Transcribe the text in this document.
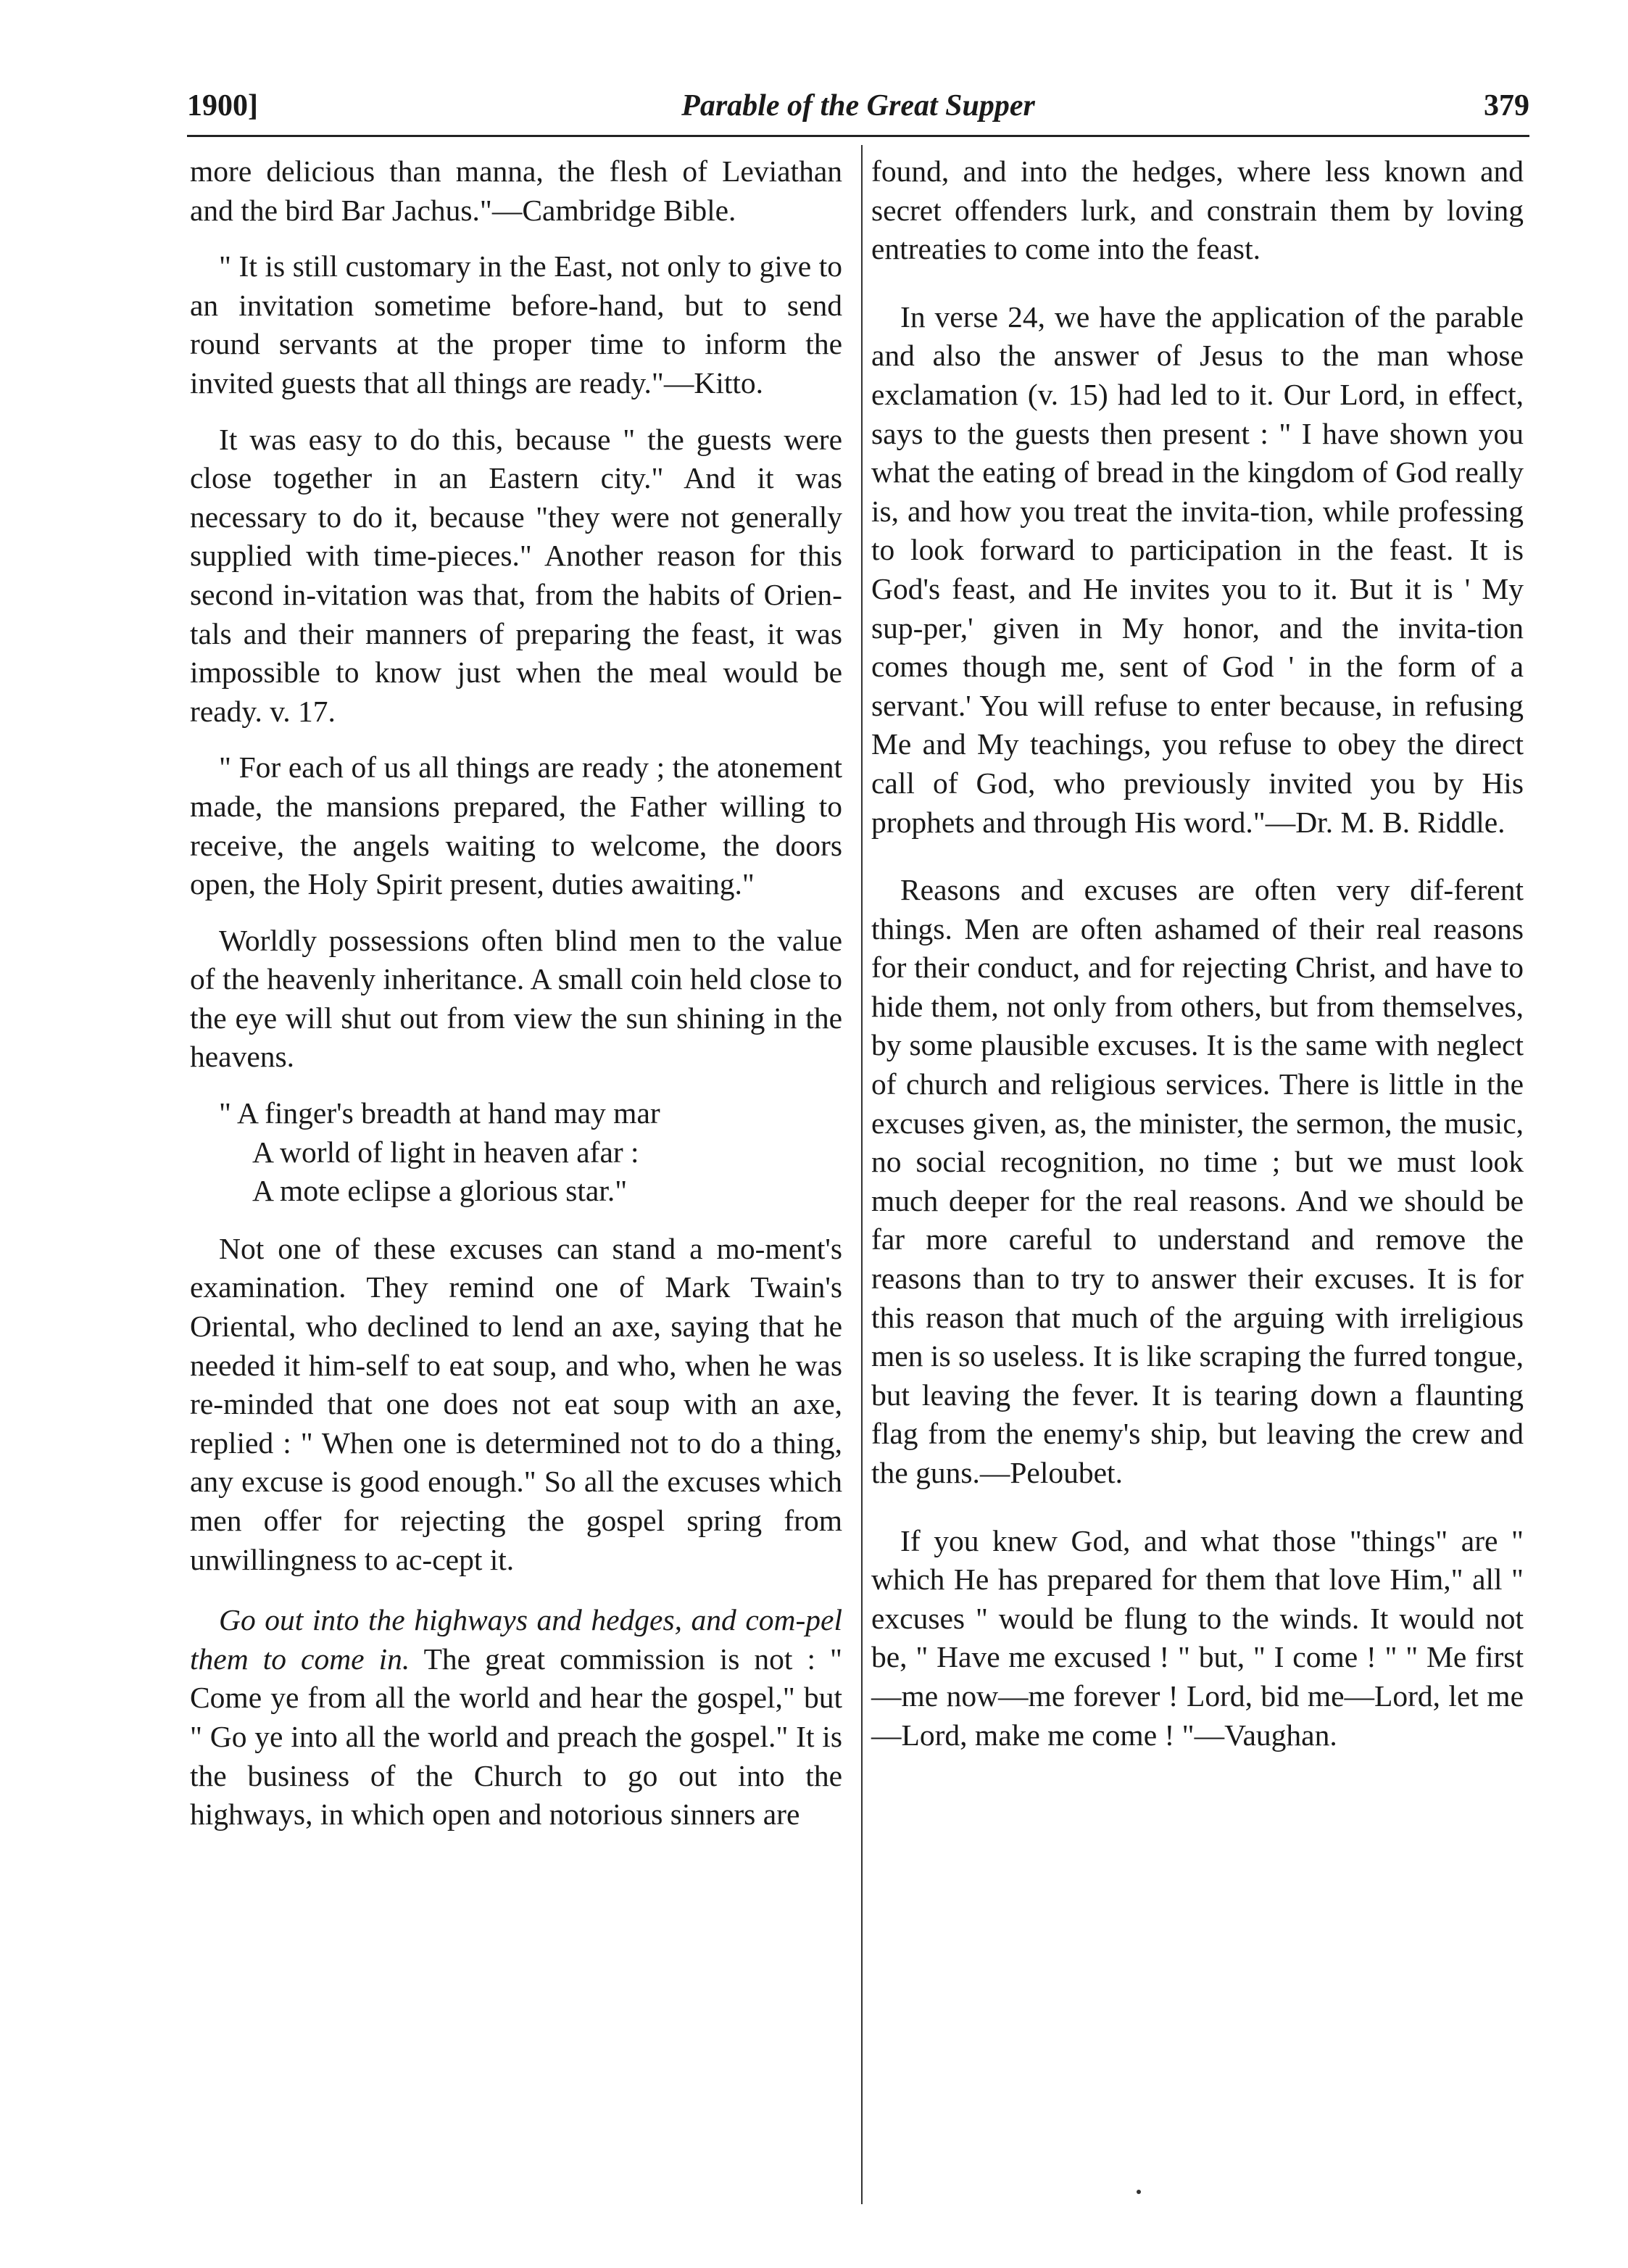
1900]	Parable of the Great Supper	379

more delicious than manna, the flesh of Leviathan and the bird Bar Jachus."—Cambridge Bible.

" It is still customary in the East, not only to give to an invitation sometime before-hand, but to send round servants at the proper time to inform the invited guests that all things are ready."—Kitto.

It was easy to do this, because " the guests were close together in an Eastern city." And it was necessary to do it, because "they were not generally supplied with time-pieces." Another reason for this second in-vitation was that, from the habits of Orien-tals and their manners of preparing the feast, it was impossible to know just when the meal would be ready. v. 17.

" For each of us all things are ready ; the atonement made, the mansions prepared, the Father willing to receive, the angels waiting to welcome, the doors open, the Holy Spirit present, duties awaiting."

Worldly possessions often blind men to the value of the heavenly inheritance. A small coin held close to the eye will shut out from view the sun shining in the heavens.

" A finger's breadth at hand may mar
A world of light in heaven afar :
A mote eclipse a glorious star."

Not one of these excuses can stand a mo-ment's examination. They remind one of Mark Twain's Oriental, who declined to lend an axe, saying that he needed it him-self to eat soup, and who, when he was re-minded that one does not eat soup with an axe, replied : " When one is determined not to do a thing, any excuse is good enough." So all the excuses which men offer for rejecting the gospel spring from unwillingness to ac-cept it.

Go out into the highways and hedges, and com-pel them to come in. The great commission is not : " Come ye from all the world and hear the gospel," but " Go ye into all the world and preach the gospel." It is the business of the Church to go out into the highways, in which open and notorious sinners are

found, and into the hedges, where less known and secret offenders lurk, and constrain them by loving entreaties to come into the feast.

In verse 24, we have the application of the parable and also the answer of Jesus to the man whose exclamation (v. 15) had led to it. Our Lord, in effect, says to the guests then present : " I have shown you what the eating of bread in the kingdom of God really is, and how you treat the invita-tion, while professing to look forward to participation in the feast. It is God's feast, and He invites you to it. But it is ' My sup-per,' given in My honor, and the invita-tion comes though me, sent of God ' in the form of a servant.' You will refuse to enter because, in refusing Me and My teachings, you refuse to obey the direct call of God, who previously invited you by His prophets and through His word."—Dr. M. B. Riddle.

Reasons and excuses are often very dif-ferent things. Men are often ashamed of their real reasons for their conduct, and for rejecting Christ, and have to hide them, not only from others, but from themselves, by some plausible excuses. It is the same with neglect of church and religious services. There is little in the excuses given, as, the minister, the sermon, the music, no social recognition, no time ; but we must look much deeper for the real reasons. And we should be far more careful to understand and remove the reasons than to try to answer their excuses. It is for this reason that much of the arguing with irreligious men is so useless. It is like scraping the furred tongue, but leaving the fever. It is tearing down a flaunting flag from the enemy's ship, but leaving the crew and the guns.—Peloubet.

If you knew God, and what those "things" are " which He has prepared for them that love Him," all " excuses " would be flung to the winds. It would not be, " Have me excused ! " but, " I come ! " " Me first—me now—me forever ! Lord, bid me—Lord, let me—Lord, make me come ! "—Vaughan.
